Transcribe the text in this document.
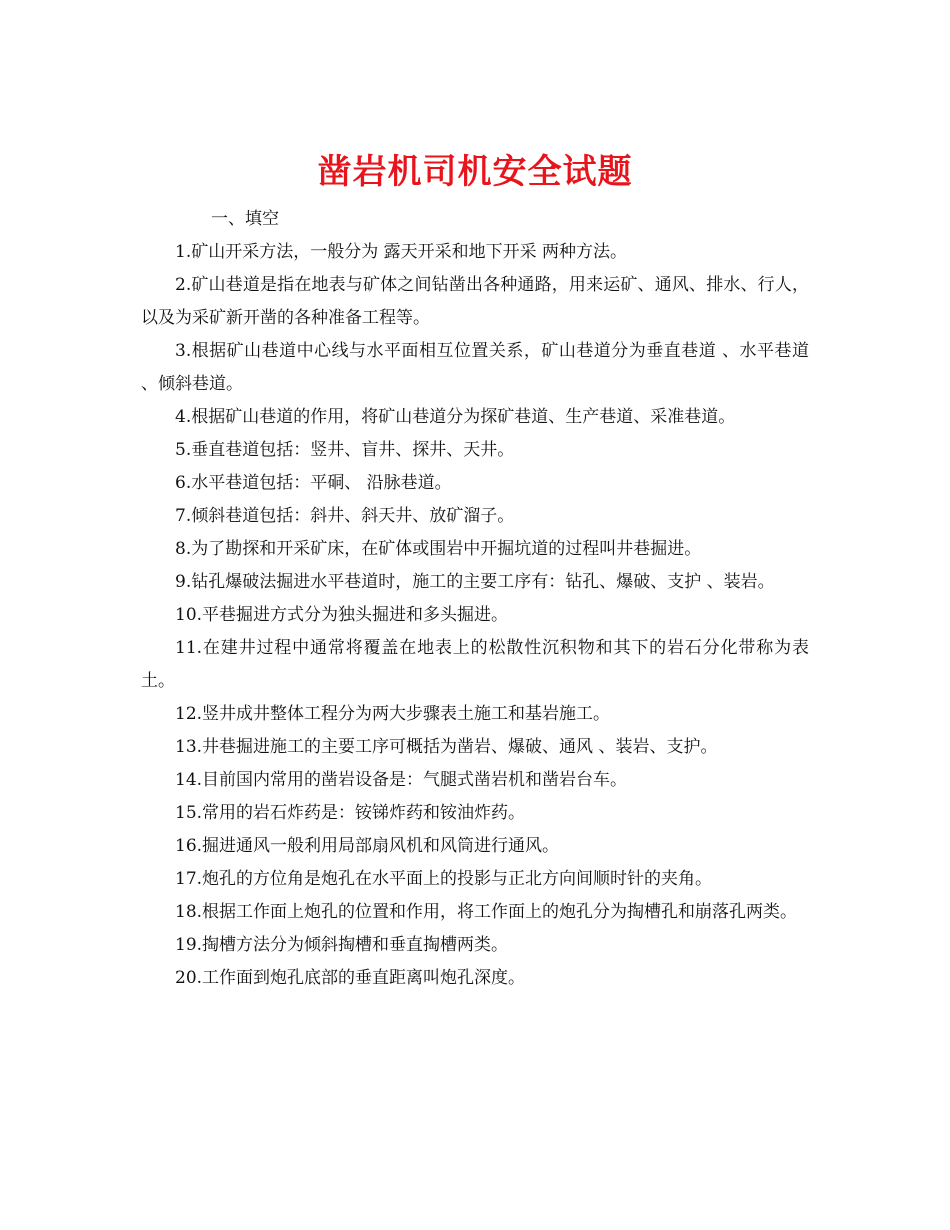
凿岩机司机安全试题

一、填空

1.矿山开采方法，一般分为 露天开采和地下开采 两种方法。

2.矿山巷道是指在地表与矿体之间钻凿出各种通路，用来运矿、通风、排水、行人，以及为采矿新开凿的各种准备工程等。

3.根据矿山巷道中心线与水平面相互位置关系，矿山巷道分为垂直巷道 、水平巷道 、倾斜巷道。

4.根据矿山巷道的作用，将矿山巷道分为探矿巷道、生产巷道、采准巷道。

5.垂直巷道包括：竖井、盲井、探井、天井。

6.水平巷道包括：平硐、 沿脉巷道。

7.倾斜巷道包括：斜井、斜天井、放矿溜子。

8.为了勘探和开采矿床，在矿体或围岩中开掘坑道的过程叫井巷掘进。

9.钻孔爆破法掘进水平巷道时，施工的主要工序有：钻孔、爆破、支护 、装岩。

10.平巷掘进方式分为独头掘进和多头掘进。

11.在建井过程中通常将覆盖在地表上的松散性沉积物和其下的岩石分化带称为表土。

12.竖井成井整体工程分为两大步骤表土施工和基岩施工。

13.井巷掘进施工的主要工序可概括为凿岩、爆破、通风 、装岩、支护。

14.目前国内常用的凿岩设备是：气腿式凿岩机和凿岩台车。

15.常用的岩石炸药是：铵锑炸药和铵油炸药。

16.掘进通风一般利用局部扇风机和风筒进行通风。

17.炮孔的方位角是炮孔在水平面上的投影与正北方向间顺时针的夹角。

18.根据工作面上炮孔的位置和作用，将工作面上的炮孔分为掏槽孔和崩落孔两类。

19.掏槽方法分为倾斜掏槽和垂直掏槽两类。

20.工作面到炮孔底部的垂直距离叫炮孔深度。
